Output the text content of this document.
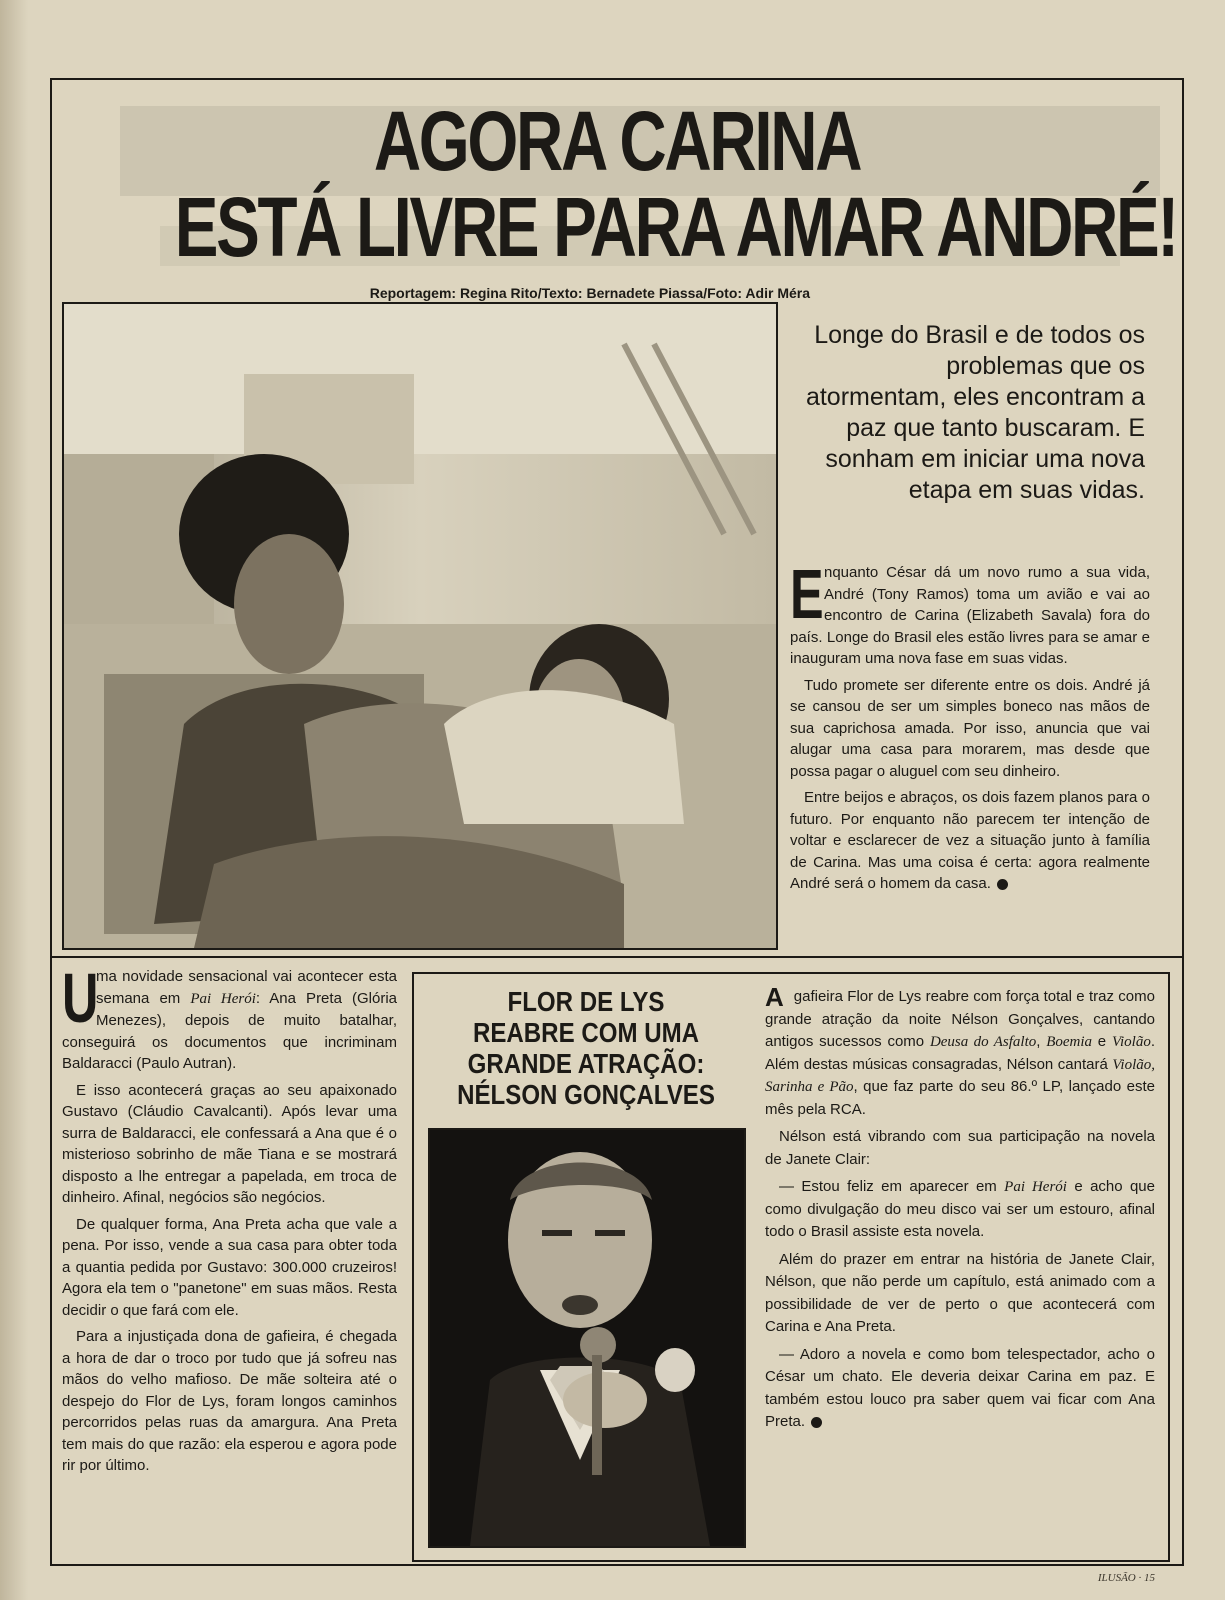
AGORA CARINA
ESTÁ LIVRE PARA AMAR ANDRÉ!
Reportagem: Regina Rito/Texto: Bernadete Piassa/Foto: Adir Méra
Longe do Brasil e de todos os problemas que os atormentam, eles encontram a paz que tanto buscaram. E sonham em iniciar uma nova etapa em suas vidas.
E nquanto César dá um novo rumo a sua vida, André (Tony Ramos) toma um avião e vai ao encontro de Carina (Elizabeth Savala) fora do país. Longe do Brasil eles estão livres para se amar e inauguram uma nova fase em suas vidas.

Tudo promete ser diferente entre os dois. André já se cansou de ser um simples boneco nas mãos de sua caprichosa amada. Por isso, anuncia que vai alugar uma casa para morarem, mas desde que possa pagar o aluguel com seu dinheiro.

Entre beijos e abraços, os dois fazem planos para o futuro. Por enquanto não parecem ter intenção de voltar e esclarecer de vez a situação junto à família de Carina. Mas uma coisa é certa: agora realmente André será o homem da casa.

U

ma novidade sensacional vai acontecer esta semana em Pai Herói: Ana Preta (Glória Menezes), depois de muito batalhar, conseguirá os documentos que incriminam Baldaracci (Paulo Autran).

E isso acontecerá graças ao seu apaixonado Gustavo (Cláudio Cavalcanti). Após levar uma surra de Baldaracci, ele confessará a Ana que é o misterioso sobrinho de mãe Tiana e se mostrará disposto a lhe entregar a papelada, em troca de dinheiro. Afinal, negócios são negócios.

De qualquer forma, Ana Preta acha que vale a pena. Por isso, vende a sua casa para obter toda a quantia pedida por Gustavo: 300.000 cruzeiros! Agora ela tem o "panetone" em suas mãos. Resta decidir o que fará com ele.

Para a injustiçada dona de gafieira, é chegada a hora de dar o troco por tudo que já sofreu nas mãos do velho mafioso. De mãe solteira até o despejo do Flor de Lys, foram longos caminhos percorridos pelas ruas da amargura. Ana Preta tem mais do que razão: ela esperou e agora pode rir por último.

FLOR DE LYS
REABRE COM UMA
GRANDE ATRAÇÃO:
NÉLSON GONÇALVES
A gafieira Flor de Lys reabre com força total e traz como grande atração da noite Nélson Gonçalves, cantando antigos sucessos como Deusa do Asfalto, Boemia e Violão. Além destas músicas consagradas, Nélson cantará Violão, Sarinha e Pão, que faz parte do seu 86.º LP, lançado este mês pela RCA.

Nélson está vibrando com sua participação na novela de Janete Clair:

— Estou feliz em aparecer em Pai Herói e acho que como divulgação do meu disco vai ser um estouro, afinal todo o Brasil assiste esta novela.

Além do prazer em entrar na história de Janete Clair, Nélson, que não perde um capítulo, está animado com a possibilidade de ver de perto o que acontecerá com Carina e Ana Preta.

— Adoro a novela e como bom telespectador, acho o César um chato. Ele deveria deixar Carina em paz. E também estou louco pra saber quem vai ficar com Ana Preta.

ILUSÃO · 15
